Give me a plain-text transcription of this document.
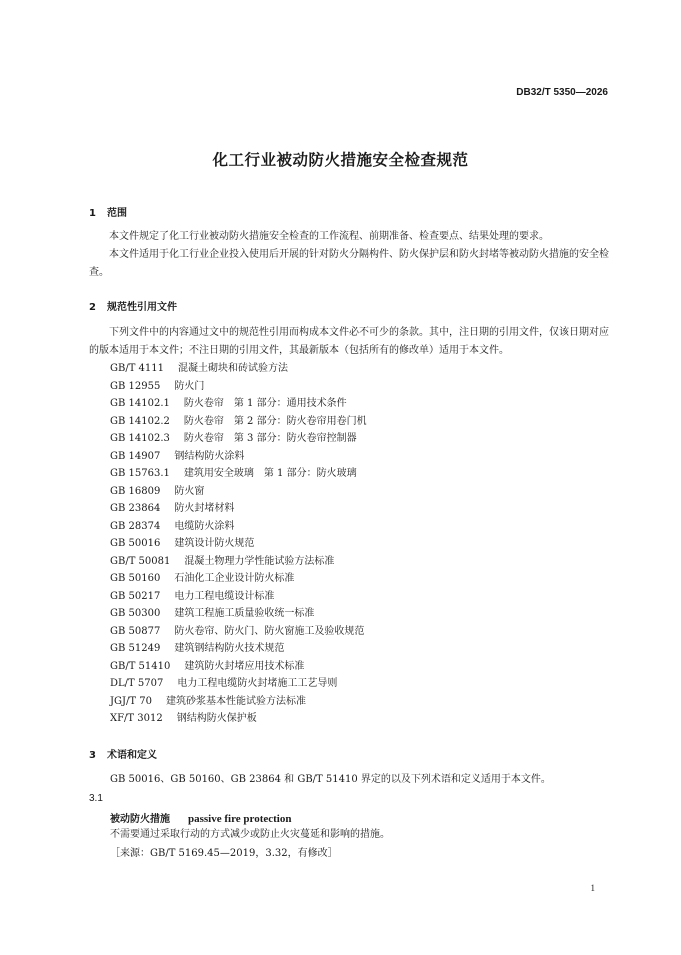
DB32/T 5350—2026
化工行业被动防火措施安全检查规范
1 范围
本文件规定了化工行业被动防火措施安全检查的工作流程、前期准备、检查要点、结果处理的要求。
本文件适用于化工行业企业投入使用后开展的针对防火分隔构件、防火保护层和防火封堵等被动防火措施的安全检查。
2 规范性引用文件
下列文件中的内容通过文中的规范性引用而构成本文件必不可少的条款。其中，注日期的引用文件，仅该日期对应的版本适用于本文件；不注日期的引用文件，其最新版本（包括所有的修改单）适用于本文件。
GB/T 4111 混凝土砌块和砖试验方法
GB 12955 防火门
GB 14102.1 防火卷帘　第 1 部分：通用技术条件
GB 14102.2 防火卷帘　第 2 部分：防火卷帘用卷门机
GB 14102.3 防火卷帘　第 3 部分：防火卷帘控制器
GB 14907 钢结构防火涂料
GB 15763.1 建筑用安全玻璃　第 1 部分：防火玻璃
GB 16809 防火窗
GB 23864 防火封堵材料
GB 28374 电缆防火涂料
GB 50016 建筑设计防火规范
GB/T 50081 混凝土物理力学性能试验方法标准
GB 50160 石油化工企业设计防火标准
GB 50217 电力工程电缆设计标准
GB 50300 建筑工程施工质量验收统一标准
GB 50877 防火卷帘、防火门、防火窗施工及验收规范
GB 51249 建筑钢结构防火技术规范
GB/T 51410 建筑防火封堵应用技术标准
DL/T 5707 电力工程电缆防火封堵施工工艺导则
JGJ/T 70 建筑砂浆基本性能试验方法标准
XF/T 3012 钢结构防火保护板
3 术语和定义
GB 50016、GB 50160、GB 23864 和 GB/T 51410 界定的以及下列术语和定义适用于本文件。
3.1
被动防火措施 passive fire protection
不需要通过采取行动的方式减少或防止火灾蔓延和影响的措施。
［来源：GB/T 5169.45—2019，3.32，有修改］
1
